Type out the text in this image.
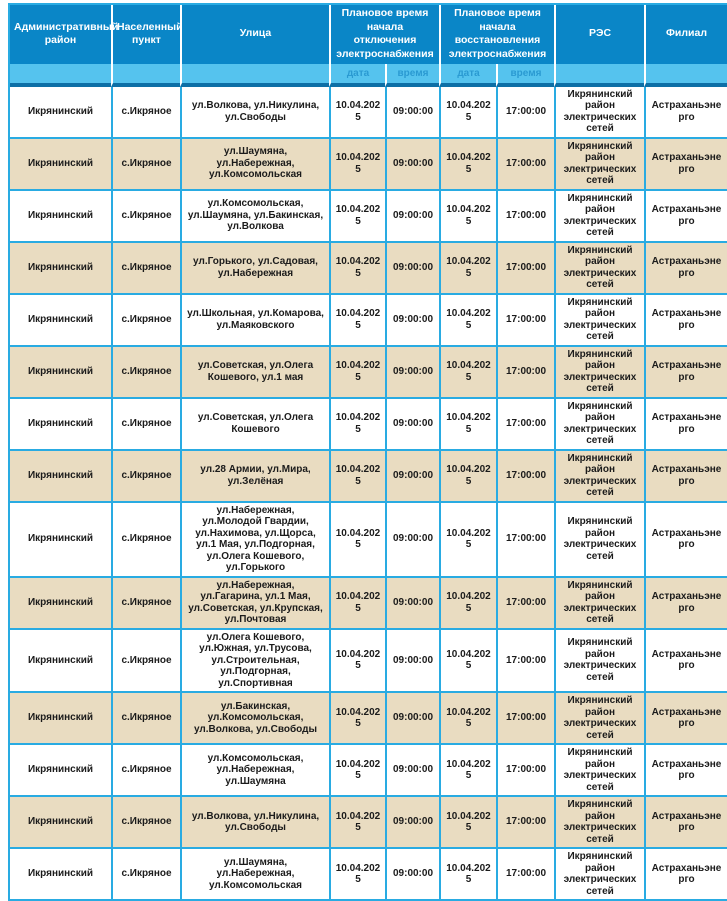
Административный район	Населенный пункт	Улица	Плановое время начала отключения электроснабжения		Плановое время начала восстановления электроснабжения		РЭС	Филиал
			дата	время	дата	время		
Икрянинский	с.Икряное	ул.Волкова, ул.Никулина, ул.Свободы	10.04.2025	09:00:00	10.04.2025	17:00:00	Икрянинский район электрических сетей	Астраханьэнерго
Икрянинский	с.Икряное	ул.Шаумяна, ул.Набережная, ул.Комсомольская	10.04.2025	09:00:00	10.04.2025	17:00:00	Икрянинский район электрических сетей	Астраханьэнерго
Икрянинский	с.Икряное	ул.Комсомольская, ул.Шаумяна, ул.Бакинская, ул.Волкова	10.04.2025	09:00:00	10.04.2025	17:00:00	Икрянинский район электрических сетей	Астраханьэнерго
Икрянинский	с.Икряное	ул.Горького, ул.Садовая, ул.Набережная	10.04.2025	09:00:00	10.04.2025	17:00:00	Икрянинский район электрических сетей	Астраханьэнерго
Икрянинский	с.Икряное	ул.Школьная, ул.Комарова, ул.Маяковского	10.04.2025	09:00:00	10.04.2025	17:00:00	Икрянинский район электрических сетей	Астраханьэнерго
Икрянинский	с.Икряное	ул.Советская, ул.Олега Кошевого, ул.1 мая	10.04.2025	09:00:00	10.04.2025	17:00:00	Икрянинский район электрических сетей	Астраханьэнерго
Икрянинский	с.Икряное	ул.Советская, ул.Олега Кошевого	10.04.2025	09:00:00	10.04.2025	17:00:00	Икрянинский район электрических сетей	Астраханьэнерго
Икрянинский	с.Икряное	ул.28 Армии, ул.Мира, ул.Зелёная	10.04.2025	09:00:00	10.04.2025	17:00:00	Икрянинский район электрических сетей	Астраханьэнерго
Икрянинский	с.Икряное	ул.Набережная, ул.Молодой Гвардии, ул.Нахимова, ул.Щорса, ул.1 Мая, ул.Подгорная, ул.Олега Кошевого, ул.Горького	10.04.2025	09:00:00	10.04.2025	17:00:00	Икрянинский район электрических сетей	Астраханьэнерго
Икрянинский	с.Икряное	ул.Набережная, ул.Гагарина, ул.1 Мая, ул.Советская, ул.Крупская, ул.Почтовая	10.04.2025	09:00:00	10.04.2025	17:00:00	Икрянинский район электрических сетей	Астраханьэнерго
Икрянинский	с.Икряное	ул.Олега Кошевого, ул.Южная, ул.Трусова, ул.Строительная, ул.Подгорная, ул.Спортивная	10.04.2025	09:00:00	10.04.2025	17:00:00	Икрянинский район электрических сетей	Астраханьэнерго
Икрянинский	с.Икряное	ул.Бакинская, ул.Комсомольская, ул.Волкова, ул.Свободы	10.04.2025	09:00:00	10.04.2025	17:00:00	Икрянинский район электрических сетей	Астраханьэнерго
Икрянинский	с.Икряное	ул.Комсомольская, ул.Набережная, ул.Шаумяна	10.04.2025	09:00:00	10.04.2025	17:00:00	Икрянинский район электрических сетей	Астраханьэнерго
Икрянинский	с.Икряное	ул.Волкова, ул.Никулина, ул.Свободы	10.04.2025	09:00:00	10.04.2025	17:00:00	Икрянинский район электрических сетей	Астраханьэнерго
Икрянинский	с.Икряное	ул.Шаумяна, ул.Набережная, ул.Комсомольская	10.04.2025	09:00:00	10.04.2025	17:00:00	Икрянинский район электрических сетей	Астраханьэнерго
